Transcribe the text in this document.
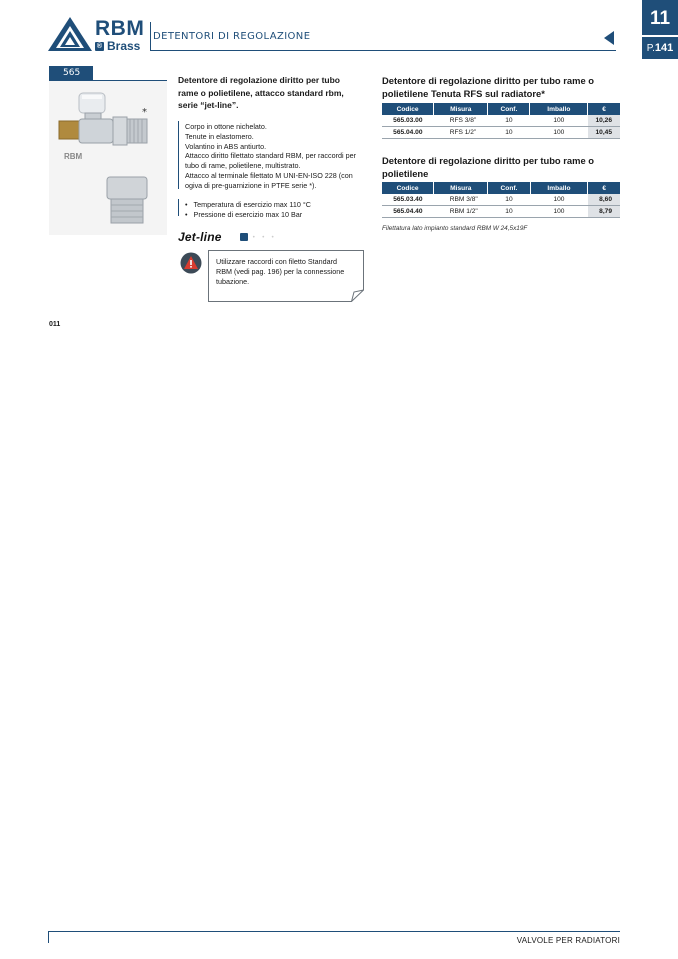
RBM
® Brass
DETENTORI DI REGOLAZIONE
11
P.141
565
RBM
*
Detentore di regolazione diritto per tubo
rame o polietilene, attacco standard rbm,
serie “jet-line”.
Corpo in ottone nichelato.
Tenute in elastomero.
Volantino in ABS antiurto.
Attacco diritto filettato standard RBM, per raccordi per
tubo di rame, polietilene, multistrato.
Attacco al terminale filettato M UNI-EN-ISO 228 (con
ogiva di pre-guarnizione in PTFE serie *).
• Temperatura di esercizio max 110 °C
• Pressione di esercizio max 10 Bar
Jet-line	• • •
Utilizzare raccordi con filetto Standard
RBM (vedi pag. 196) per la connessione
tubazione.
Detentore di regolazione diritto per tubo rame o
polietilene Tenuta RFS sul radiatore*
Codice	Misura	Conf.	Imballo	€
565.03.00	RFS 3/8”	10	100	10,26
565.04.00	RFS 1/2”	10	100	10,45
Detentore di regolazione diritto per tubo rame o
polietilene
Codice	Misura	Conf.	Imballo	€
565.03.40	RBM 3/8"	10	100	8,60
565.04.40	RBM 1/2"	10	100	8,79
Filettatura lato impianto standard RBM W 24,5x19F
011
VALVOLE PER RADIATORI
